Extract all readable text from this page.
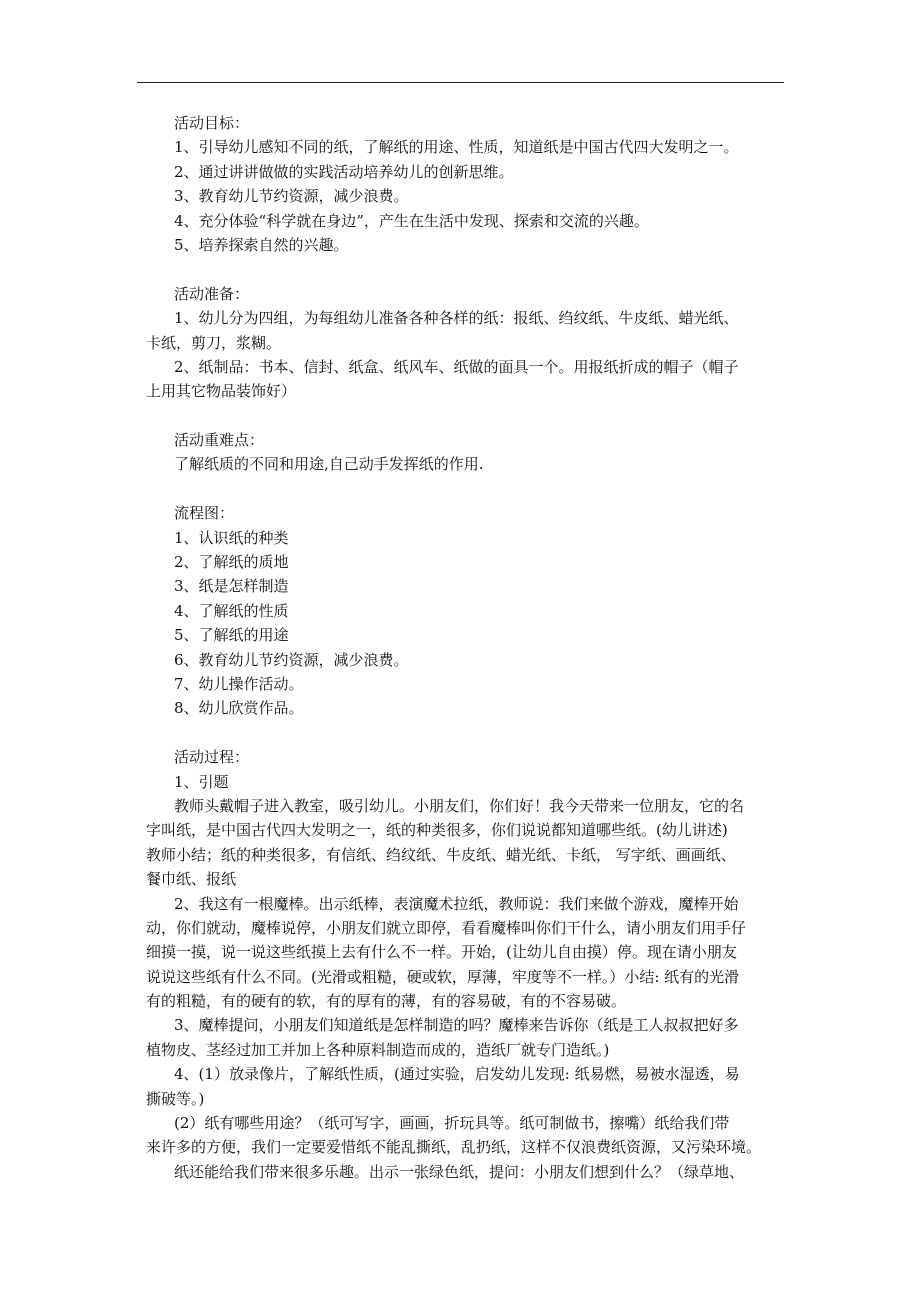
活动目标：
1、引导幼儿感知不同的纸，了解纸的用途、性质，知道纸是中国古代四大发明之一。
2、通过讲讲做做的实践活动培养幼儿的创新思维。
3、教育幼儿节约资源，减少浪费。
4、充分体验“科学就在身边”，产生在生活中发现、探索和交流的兴趣。
5、培养探索自然的兴趣。
活动准备：
1、幼儿分为四组，为每组幼儿准备各种各样的纸：报纸、绉纹纸、牛皮纸、蜡光纸、
卡纸，剪刀，浆糊。
2、纸制品：书本、信封、纸盒、纸风车、纸做的面具一个。用报纸折成的帽子（帽子
上用其它物品装饰好）
活动重难点：
了解纸质的不同和用途,自己动手发挥纸的作用.
流程图：
1、认识纸的种类
2、了解纸的质地
3、纸是怎样制造
4、了解纸的性质
5、了解纸的用途
6、教育幼儿节约资源，减少浪费。
7、幼儿操作活动。
8、幼儿欣赏作品。
活动过程：
1、引题
教师头戴帽子进入教室，吸引幼儿。小朋友们，你们好！我今天带来一位朋友，它的名
字叫纸，是中国古代四大发明之一，纸的种类很多，你们说说都知道哪些纸。(幼儿讲述)
教师小结；纸的种类很多，有信纸、绉纹纸、牛皮纸、蜡光纸、卡纸， 写字纸、画画纸、
餐巾纸、报纸
2、我这有一根魔棒。出示纸棒，表演魔术拉纸，教师说：我们来做个游戏，魔棒开始
动，你们就动，魔棒说停，小朋友们就立即停，看看魔棒叫你们干什么，请小朋友们用手仔
细摸一摸，说一说这些纸摸上去有什么不一样。开始，(让幼儿自由摸）停。现在请小朋友
说说这些纸有什么不同。(光滑或粗糙，硬或软，厚薄，牢度等不一样。）小结: 纸有的光滑
有的粗糙，有的硬有的软，有的厚有的薄，有的容易破，有的不容易破。
3、魔棒提问，小朋友们知道纸是怎样制造的吗？魔棒来告诉你（纸是工人叔叔把好多
植物皮、茎经过加工并加上各种原料制造而成的，造纸厂就专门造纸。)
4、(1）放录像片，了解纸性质，(通过实验，启发幼儿发现: 纸易燃，易被水湿透，易
撕破等。)
(2）纸有哪些用途？（纸可写字，画画，折玩具等。纸可制做书，擦嘴）纸给我们带
来许多的方便，我们一定要爱惜纸不能乱撕纸，乱扔纸，这样不仅浪费纸资源，又污染环境。
纸还能给我们带来很多乐趣。出示一张绿色纸，提问：小朋友们想到什么？（绿草地、
